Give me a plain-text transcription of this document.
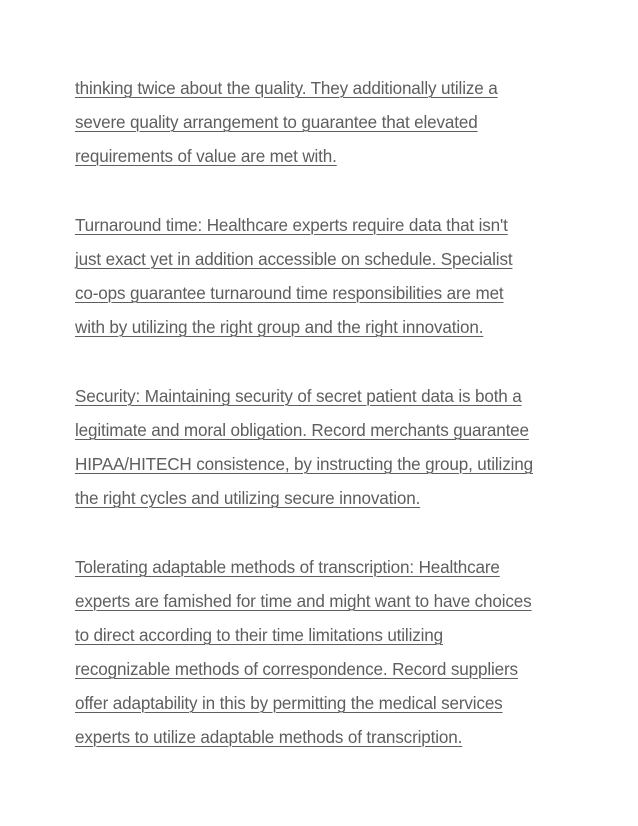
thinking twice about the quality. They additionally utilize a
severe quality arrangement to guarantee that elevated
requirements of value are met with.
Turnaround time: Healthcare experts require data that isn't
just exact yet in addition accessible on schedule. Specialist
co-ops guarantee turnaround time responsibilities are met
with by utilizing the right group and the right innovation.
Security: Maintaining security of secret patient data is both a
legitimate and moral obligation. Record merchants guarantee
HIPAA/HITECH consistence, by instructing the group, utilizing
the right cycles and utilizing secure innovation.
Tolerating adaptable methods of transcription: Healthcare
experts are famished for time and might want to have choices
to direct according to their time limitations utilizing
recognizable methods of correspondence. Record suppliers
offer adaptability in this by permitting the medical services
experts to utilize adaptable methods of transcription.
